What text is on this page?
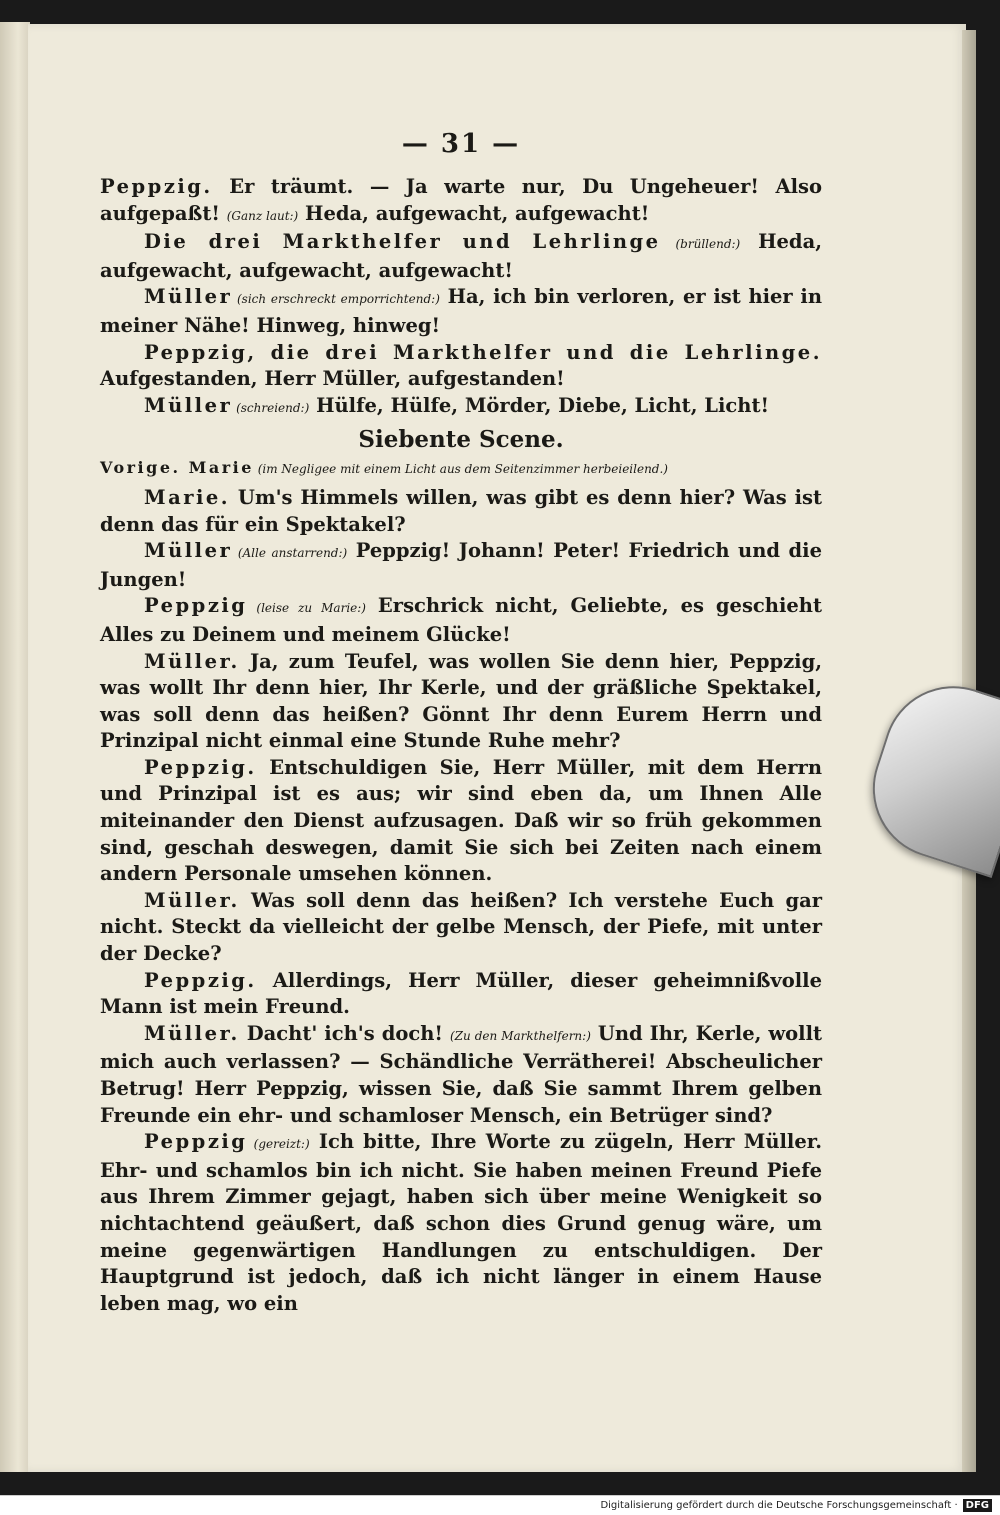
— 31 —

Peppzig. Er träumt. — Ja warte nur, Du Ungeheuer! Also aufgepaßt! (Ganz laut:) Heda, aufgewacht, aufgewacht!

Die drei Markthelfer und Lehrlinge (brüllend:) Heda, aufgewacht, aufgewacht, aufgewacht!

Müller (sich erschreckt emporrichtend:) Ha, ich bin verloren, er ist hier in meiner Nähe! Hinweg, hinweg!

Peppzig, die drei Markthelfer und die Lehrlinge. Aufgestanden, Herr Müller, aufgestanden!

Müller (schreiend:) Hülfe, Hülfe, Mörder, Diebe, Licht, Licht!

Siebente Scene.

Vorige. Marie (im Negligee mit einem Licht aus dem Seitenzimmer herbeieilend.)

Marie. Um's Himmels willen, was gibt es denn hier? Was ist denn das für ein Spektakel?

Müller (Alle anstarrend:) Peppzig! Johann! Peter! Friedrich und die Jungen!

Peppzig (leise zu Marie:) Erschrick nicht, Geliebte, es geschieht Alles zu Deinem und meinem Glücke!

Müller. Ja, zum Teufel, was wollen Sie denn hier, Peppzig, was wollt Ihr denn hier, Ihr Kerle, und der gräßliche Spektakel, was soll denn das heißen? Gönnt Ihr denn Eurem Herrn und Prinzipal nicht einmal eine Stunde Ruhe mehr?

Peppzig. Entschuldigen Sie, Herr Müller, mit dem Herrn und Prinzipal ist es aus; wir sind eben da, um Ihnen Alle miteinander den Dienst aufzusagen. Daß wir so früh gekommen sind, geschah deswegen, damit Sie sich bei Zeiten nach einem andern Personale umsehen können.

Müller. Was soll denn das heißen? Ich verstehe Euch gar nicht. Steckt da vielleicht der gelbe Mensch, der Piefe, mit unter der Decke?

Peppzig. Allerdings, Herr Müller, dieser geheimnißvolle Mann ist mein Freund.

Müller. Dacht' ich's doch! (Zu den Markthelfern:) Und Ihr, Kerle, wollt mich auch verlassen? — Schändliche Verrätherei! Abscheulicher Betrug! Herr Peppzig, wissen Sie, daß Sie sammt Ihrem gelben Freunde ein ehr- und schamloser Mensch, ein Betrüger sind?

Peppzig (gereizt:) Ich bitte, Ihre Worte zu zügeln, Herr Müller. Ehr- und schamlos bin ich nicht. Sie haben meinen Freund Piefe aus Ihrem Zimmer gejagt, haben sich über meine Wenigkeit so nichtachtend geäußert, daß schon dies Grund genug wäre, um meine gegenwärtigen Handlungen zu entschuldigen. Der Hauptgrund ist jedoch, daß ich nicht länger in einem Hause leben mag, wo ein

Digitalisierung gefördert durch die Deutsche Forschungsgemeinschaft · DFG
